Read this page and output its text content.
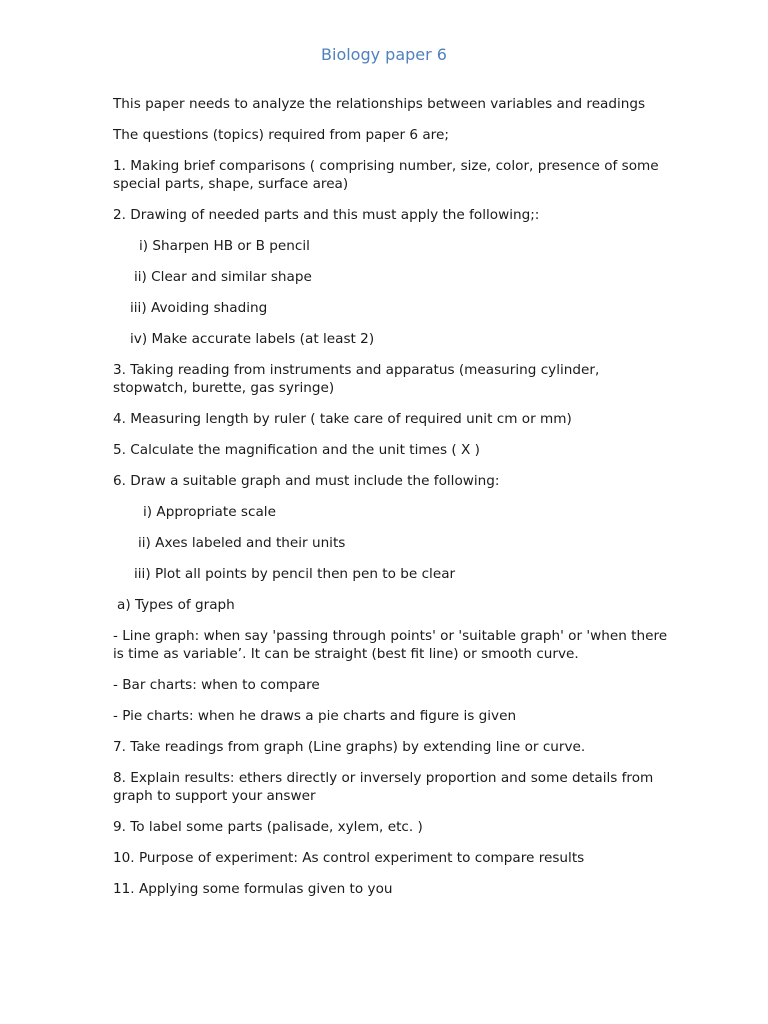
Biology paper 6

This paper needs to analyze the relationships between variables and readings

The questions (topics) required from paper 6 are;

1. Making brief comparisons ( comprising number, size, color, presence of some special parts, shape, surface area)

2. Drawing of needed parts and this must apply the following;:

i) Sharpen HB or B pencil

ii) Clear and similar shape

iii) Avoiding shading

iv) Make accurate labels (at least 2)

3. Taking reading from instruments and apparatus (measuring cylinder, stopwatch, burette, gas syringe)

4. Measuring length by ruler ( take care of required unit cm or mm)

5. Calculate the magnification and the unit times ( X )

6. Draw a suitable graph and must include the following:

i) Appropriate scale

ii) Axes labeled and their units

iii) Plot all points by pencil then pen to be clear

a) Types of graph

- Line graph: when say 'passing through points' or 'suitable graph' or 'when there is time as variable’. It can be straight (best fit line) or smooth curve.

- Bar charts: when to compare

- Pie charts: when he draws a pie charts and figure is given

7. Take readings from graph (Line graphs) by extending line or curve.

8. Explain results: ethers directly or inversely proportion and some details from graph to support your answer

9. To label some parts (palisade, xylem, etc. )

10. Purpose of experiment: As control experiment to compare results

11. Applying some formulas given to you
